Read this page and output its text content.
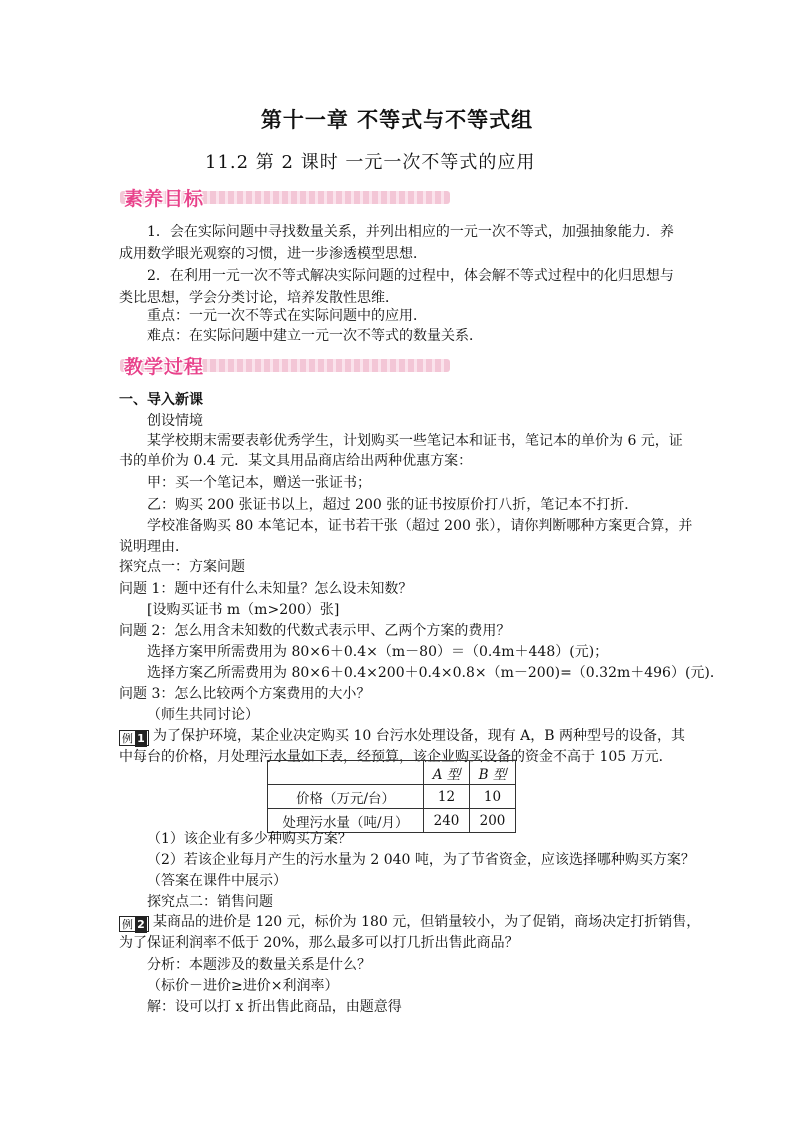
第十一章 不等式与不等式组
11.2 第 2 课时 一元一次不等式的应用
素养目标
1．会在实际问题中寻找数量关系，并列出相应的一元一次不等式，加强抽象能力．养
成用数学眼光观察的习惯，进一步渗透模型思想．
2．在利用一元一次不等式解决实际问题的过程中，体会解不等式过程中的化归思想与
类比思想，学会分类讨论，培养发散性思维．
重点：一元一次不等式在实际问题中的应用．
难点：在实际问题中建立一元一次不等式的数量关系．
教学过程
一、导入新课
创设情境
某学校期末需要表彰优秀学生，计划购买一些笔记本和证书，笔记本的单价为 6 元，证
书的单价为 0.4 元．某文具用品商店给出两种优惠方案：
甲：买一个笔记本，赠送一张证书；
乙：购买 200 张证书以上，超过 200 张的证书按原价打八折，笔记本不打折．
学校准备购买 80 本笔记本，证书若干张（超过 200 张），请你判断哪种方案更合算，并
说明理由．
探究点一：方案问题
问题 1：题中还有什么未知量？怎么设未知数？
[设购买证书 m（m>200）张]
问题 2：怎么用含未知数的代数式表示甲、乙两个方案的费用？
选择方案甲所需费用为 80×6＋0.4×（m－80）＝（0.4m＋448）(元)；
选择方案乙所需费用为 80×6＋0.4×200＋0.4×0.8×（m－200)=（0.32m＋496）(元)．
问题 3：怎么比较两个方案费用的大小？
（师生共同讨论）
例 1 为了保护环境，某企业决定购买 10 台污水处理设备，现有 A，B 两种型号的设备，其
中每台的价格，月处理污水量如下表，经预算，该企业购买设备的资金不高于 105 万元．
	A 型	B 型
价格（万元/台）	12	10
处理污水量（吨/月）	240	200
（1）该企业有多少种购买方案？
（2）若该企业每月产生的污水量为 2 040 吨，为了节省资金，应该选择哪种购买方案？
（答案在课件中展示）
探究点二：销售问题
例 2 某商品的进价是 120 元，标价为 180 元，但销量较小，为了促销，商场决定打折销售，
为了保证利润率不低于 20%，那么最多可以打几折出售此商品？
分析：本题涉及的数量关系是什么？
（标价－进价≥进价×利润率）
解：设可以打 x 折出售此商品，由题意得
